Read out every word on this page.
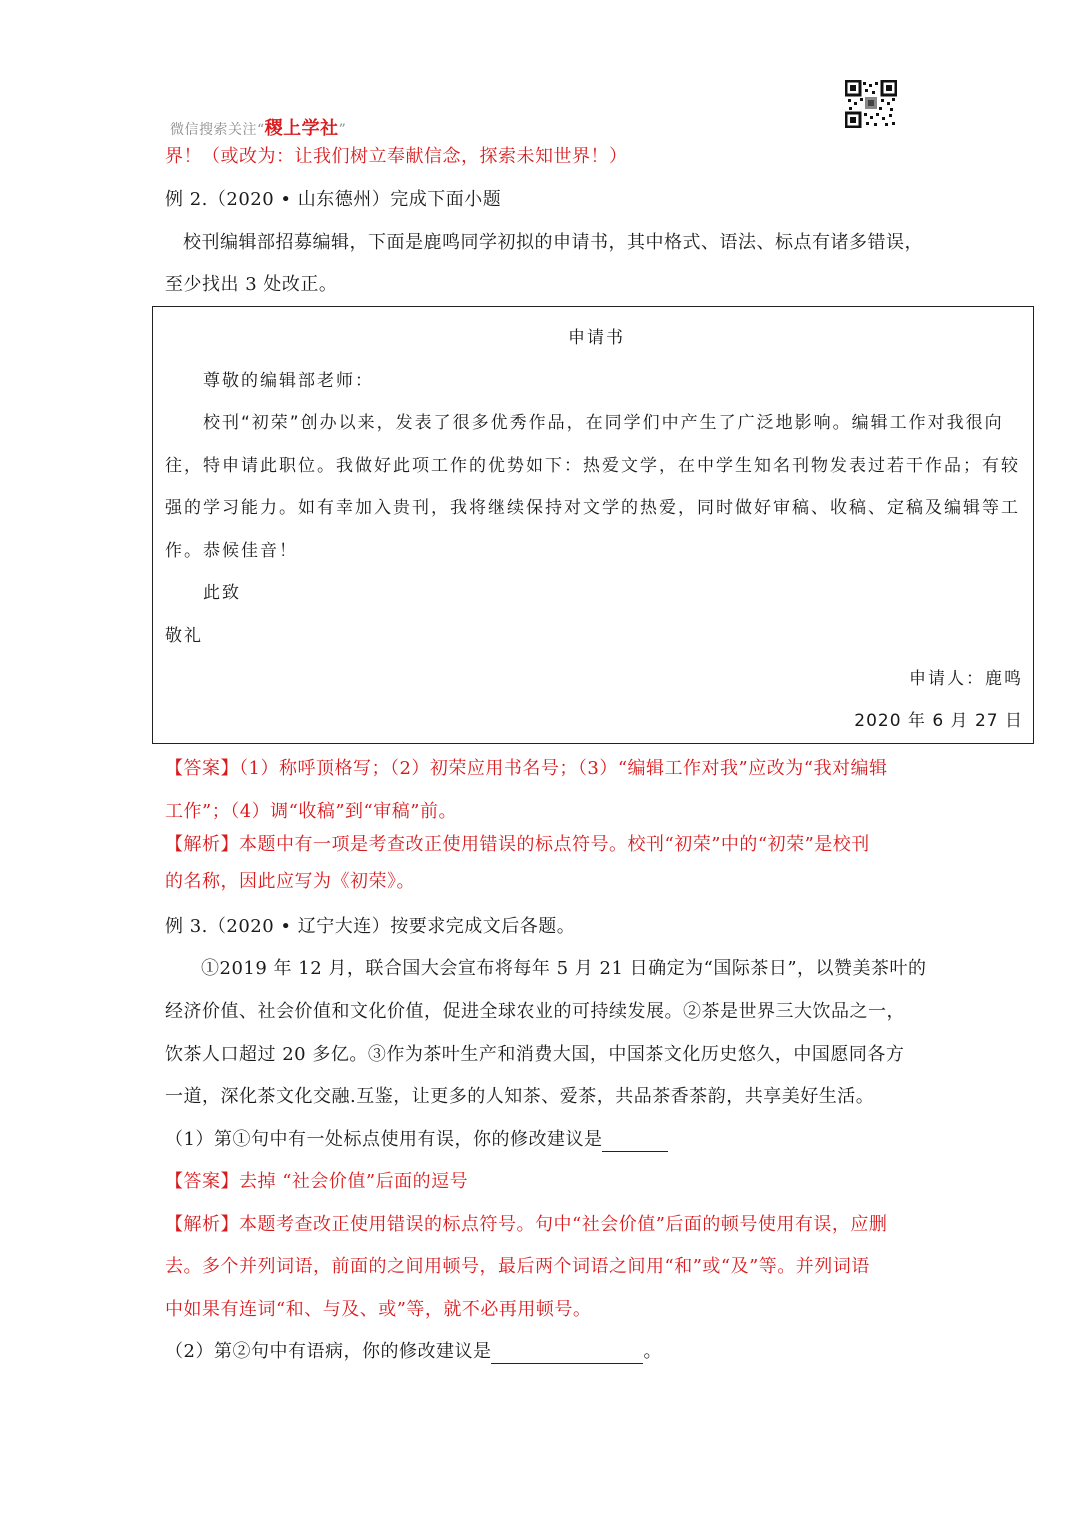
微信搜索关注“稷上学社”
界！（或改为：让我们树立奉献信念，探索未知世界！）
例 2.（2020 • 山东德州）完成下面小题
校刊编辑部招募编辑，下面是鹿鸣同学初拟的申请书，其中格式、语法、标点有诸多错误，
至少找出 3 处改正。
申请书
尊敬的编辑部老师：
校刊“初荣”创办以来，发表了很多优秀作品，在同学们中产生了广泛地影响。编辑工作对我很向
往，特申请此职位。我做好此项工作的优势如下：热爱文学，在中学生知名刊物发表过若干作品；有较
强的学习能力。如有幸加入贵刊，我将继续保持对文学的热爱，同时做好审稿、收稿、定稿及编辑等工
作。恭候佳音！
此致
敬礼
申请人：鹿鸣
2020 年 6 月 27 日
【答案】（1）称呼顶格写；（2）初荣应用书名号；（3）“编辑工作对我”应改为“我对编辑
工作”；（4）调“收稿”到“审稿”前。
【解析】本题中有一项是考查改正使用错误的标点符号。校刊“初荣”中的“初荣”是校刊
的名称，因此应写为《初荣》。
例 3.（2020 • 辽宁大连）按要求完成文后各题。
①2019 年 12 月，联合国大会宣布将每年 5 月 21 日确定为“国际茶日”，以赞美茶叶的
经济价值、社会价值和文化价值，促进全球农业的可持续发展。②茶是世界三大饮品之一，
饮茶人口超过 20 多亿。③作为茶叶生产和消费大国，中国茶文化历史悠久，中国愿同各方
一道，深化茶文化交融.互鉴，让更多的人知茶、爱茶，共品茶香茶韵，共享美好生活。
（1）第①句中有一处标点使用有误，你的修改建议是
【答案】去掉 “社会价值”后面的逗号
【解析】本题考查改正使用错误的标点符号。句中“社会价值”后面的顿号使用有误，应删
去。多个并列词语，前面的之间用顿号，最后两个词语之间用“和”或“及”等。并列词语
中如果有连词“和、与及、或”等，就不必再用顿号。
（2）第②句中有语病，你的修改建议是	。
